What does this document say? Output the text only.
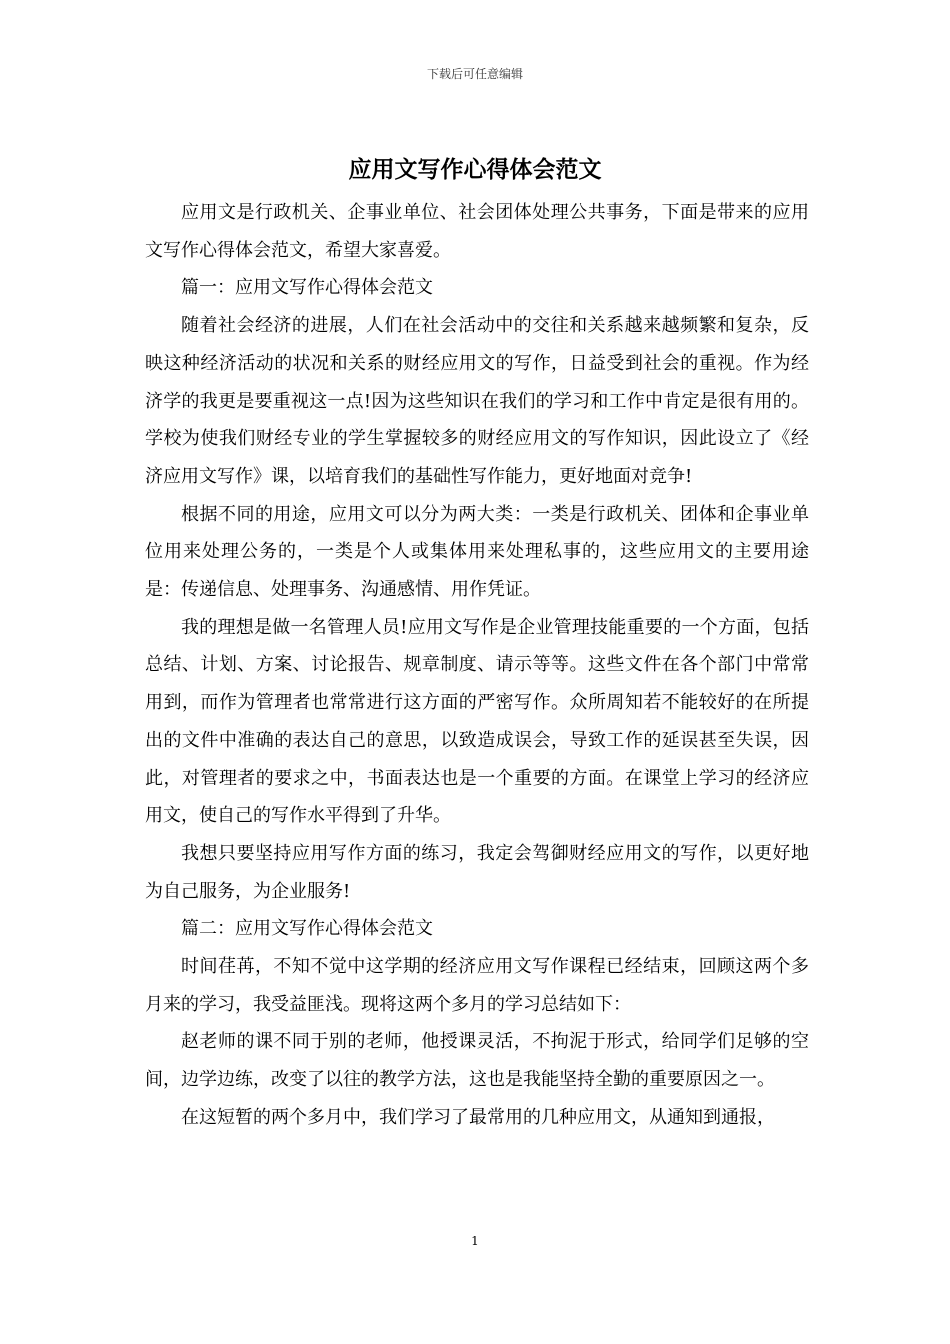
下载后可任意编辑
应用文写作心得体会范文

应用文是行政机关、企事业单位、社会团体处理公共事务，下面是带来的应用文写作心得体会范文，希望大家喜爱。

篇一：应用文写作心得体会范文

随着社会经济的进展，人们在社会活动中的交往和关系越来越频繁和复杂，反映这种经济活动的状况和关系的财经应用文的写作，日益受到社会的重视。作为经济学的我更是要重视这一点!因为这些知识在我们的学习和工作中肯定是很有用的。学校为使我们财经专业的学生掌握较多的财经应用文的写作知识，因此设立了《经济应用文写作》课，以培育我们的基础性写作能力，更好地面对竞争!

根据不同的用途，应用文可以分为两大类：一类是行政机关、团体和企事业单位用来处理公务的，一类是个人或集体用来处理私事的，这些应用文的主要用途是：传递信息、处理事务、沟通感情、用作凭证。

我的理想是做一名管理人员!应用文写作是企业管理技能重要的一个方面，包括总结、计划、方案、讨论报告、规章制度、请示等等。这些文件在各个部门中常常用到，而作为管理者也常常进行这方面的严密写作。众所周知若不能较好的在所提出的文件中准确的表达自己的意思，以致造成误会，导致工作的延误甚至失误，因此，对管理者的要求之中，书面表达也是一个重要的方面。在课堂上学习的经济应用文，使自己的写作水平得到了升华。

我想只要坚持应用写作方面的练习，我定会驾御财经应用文的写作，以更好地为自己服务，为企业服务!

篇二：应用文写作心得体会范文

时间荏苒，不知不觉中这学期的经济应用文写作课程已经结束，回顾这两个多月来的学习，我受益匪浅。现将这两个多月的学习总结如下：

赵老师的课不同于别的老师，他授课灵活，不拘泥于形式，给同学们足够的空间，边学边练，改变了以往的教学方法，这也是我能坚持全勤的重要原因之一。

在这短暂的两个多月中，我们学习了最常用的几种应用文，从通知到通报，

1
